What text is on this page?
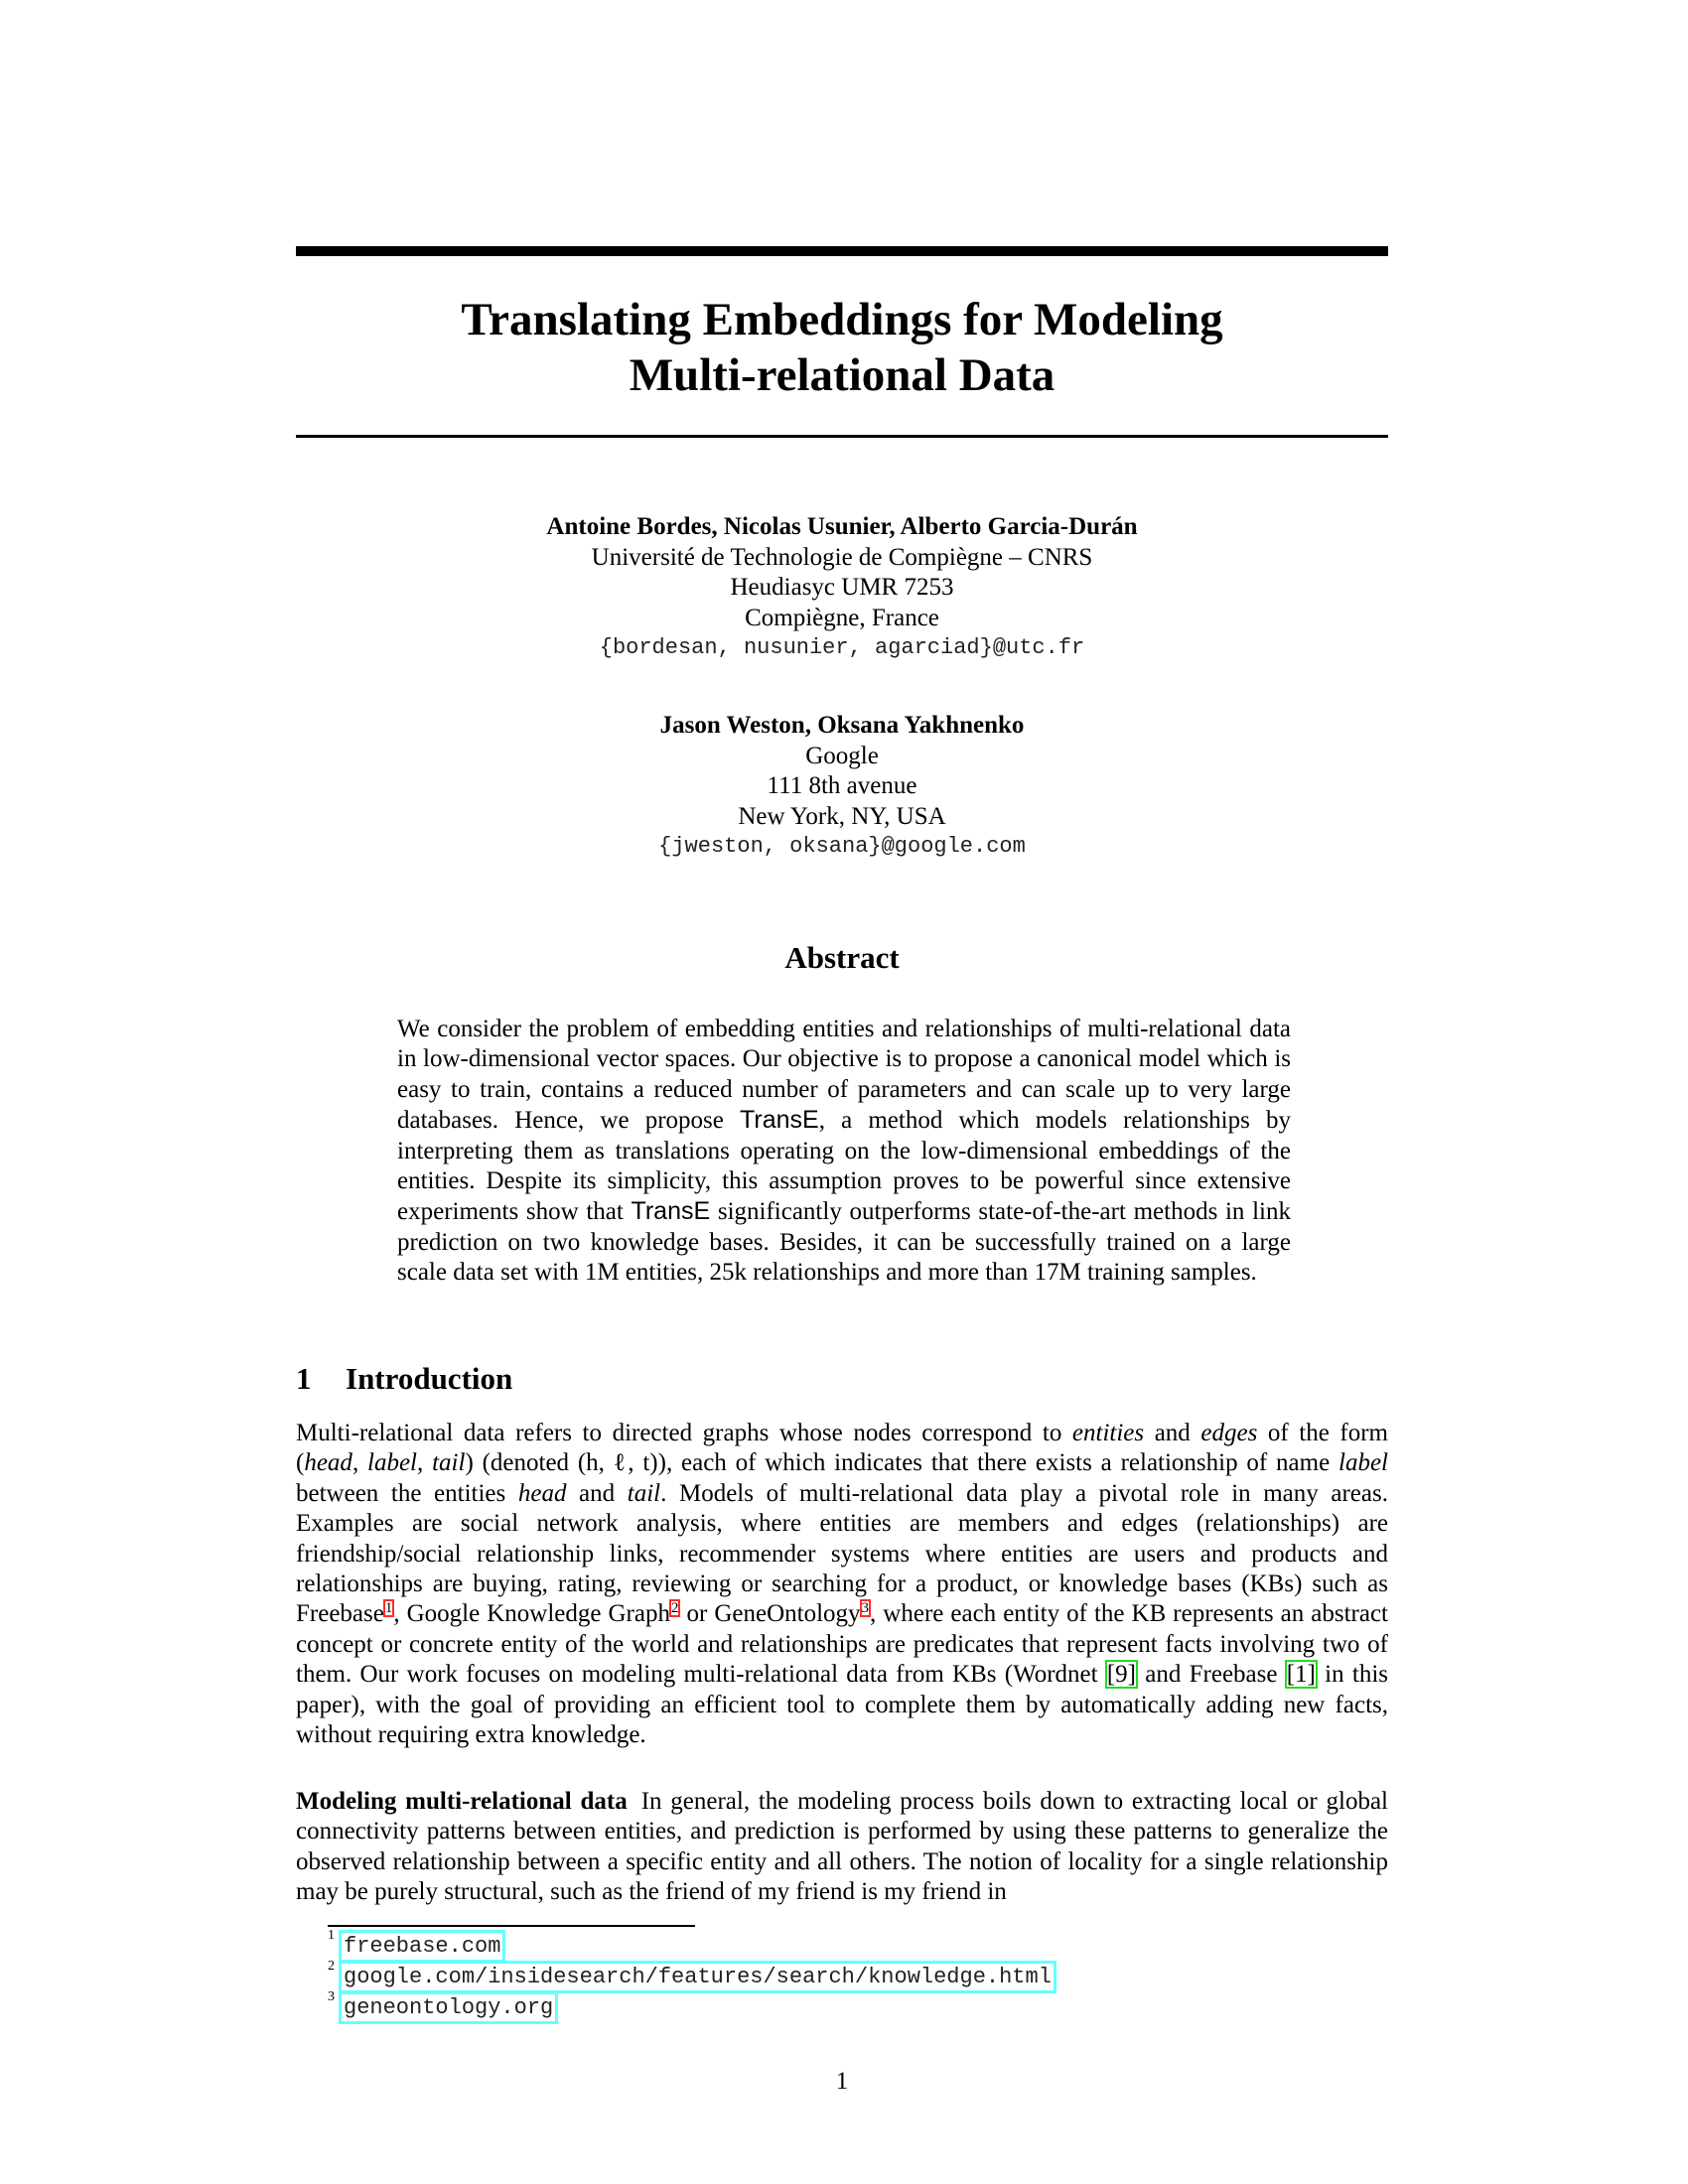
Translating Embeddings for Modeling
Multi-relational Data
Antoine Bordes, Nicolas Usunier, Alberto Garcia-Durán
Université de Technologie de Compiègne – CNRS
Heudiasyc UMR 7253
Compiègne, France
{bordesan, nusunier, agarciad}@utc.fr
Jason Weston, Oksana Yakhnenko
Google
111 8th avenue
New York, NY, USA
{jweston, oksana}@google.com
Abstract
We consider the problem of embedding entities and relationships of multi-relational data in low-dimensional vector spaces. Our objective is to propose a canonical model which is easy to train, contains a reduced number of parameters and can scale up to very large databases. Hence, we propose TransE, a method which models relationships by interpreting them as translations operating on the low-dimensional embeddings of the entities. Despite its simplicity, this assumption proves to be powerful since extensive experiments show that TransE significantly outperforms state-of-the-art methods in link prediction on two knowledge bases. Besides, it can be successfully trained on a large scale data set with 1M entities, 25k relationships and more than 17M training samples.
1 Introduction
Multi-relational data refers to directed graphs whose nodes correspond to entities and edges of the form (head, label, tail) (denoted (h, ℓ, t)), each of which indicates that there exists a relationship of name label between the entities head and tail. Models of multi-relational data play a pivotal role in many areas. Examples are social network analysis, where entities are members and edges (relationships) are friendship/social relationship links, recommender systems where entities are users and products and relationships are buying, rating, reviewing or searching for a product, or knowledge bases (KBs) such as Freebase$^1$, Google Knowledge Graph$^2$ or GeneOntology$^3$, where each entity of the KB represents an abstract concept or concrete entity of the world and relationships are predicates that represent facts involving two of them. Our work focuses on modeling multi-relational data from KBs (Wordnet [9] and Freebase [1] in this paper), with the goal of providing an efficient tool to complete them by automatically adding new facts, without requiring extra knowledge.
Modeling multi-relational data In general, the modeling process boils down to extracting local or global connectivity patterns between entities, and prediction is performed by using these patterns to generalize the observed relationship between a specific entity and all others. The notion of locality for a single relationship may be purely structural, such as the friend of my friend is my friend in
1 freebase.com
2 google.com/insidesearch/features/search/knowledge.html
3 geneontology.org
1
